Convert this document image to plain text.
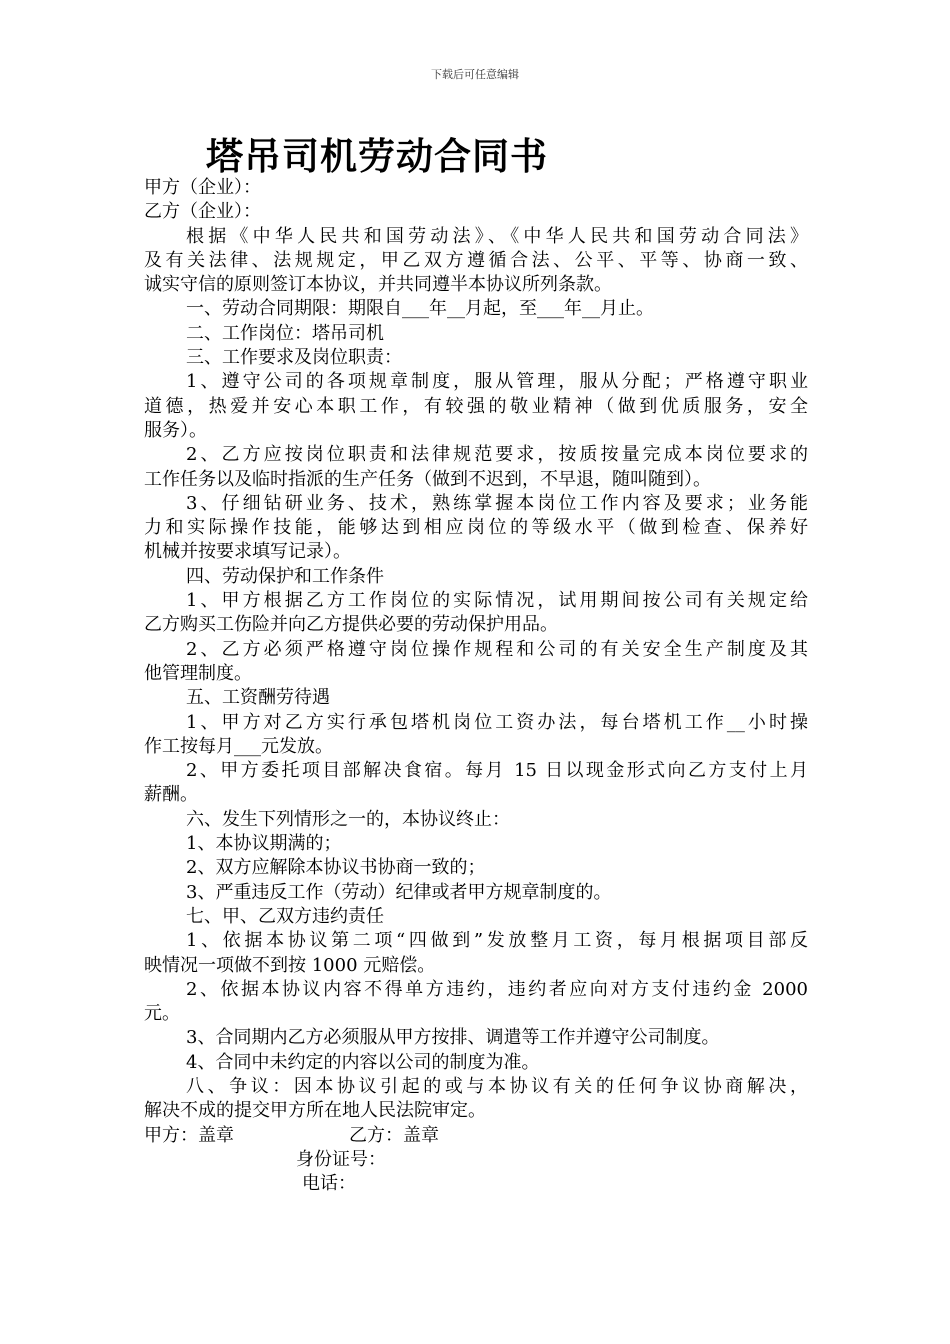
下载后可任意编辑
塔吊司机劳动合同书

甲方（企业）：

乙方（企业）：

根据《中华人民共和国劳动法》、《中华人民共和国劳动合同法》

及有关法律、法规规定，甲乙双方遵循合法、公平、平等、协商一致、

诚实守信的原则签订本协议，并共同遵半本协议所列条款。

一、劳动合同期限：期限自___年__月起，至___年__月止。

二、工作岗位：塔吊司机

三、工作要求及岗位职责：

1、遵守公司的各项规章制度，服从管理，服从分配；严格遵守职业

道德，热爱并安心本职工作，有较强的敬业精神（做到优质服务，安全

服务）。

2、乙方应按岗位职责和法律规范要求，按质按量完成本岗位要求的

工作任务以及临时指派的生产任务（做到不迟到，不早退，随叫随到）。

3、仔细钻研业务、技术，熟练掌握本岗位工作内容及要求；业务能

力和实际操作技能，能够达到相应岗位的等级水平（做到检查、保养好

机械并按要求填写记录）。

四、劳动保护和工作条件

1、甲方根据乙方工作岗位的实际情况，试用期间按公司有关规定给

乙方购买工伤险并向乙方提供必要的劳动保护用品。

2、乙方必须严格遵守岗位操作规程和公司的有关安全生产制度及其

他管理制度。

五、工资酬劳待遇

1、甲方对乙方实行承包塔机岗位工资办法，每台塔机工作__小时操

作工按每月___元发放。

2、甲方委托项目部解决食宿。每月 15 日以现金形式向乙方支付上月

薪酬。

六、发生下列情形之一的，本协议终止：

1、本协议期满的；

2、双方应解除本协议书协商一致的；

3、严重违反工作（劳动）纪律或者甲方规章制度的。

七、甲、乙双方违约责任

1、依据本协议第二项“四做到”发放整月工资，每月根据项目部反

映情况一项做不到按 1000 元赔偿。

2、依据本协议内容不得单方违约，违约者应向对方支付违约金 2000

元。

3、合同期内乙方必须服从甲方按排、调遣等工作并遵守公司制度。

4、合同中未约定的内容以公司的制度为准。

八、争议：因本协议引起的或与本协议有关的任何争议协商解决，

解决不成的提交甲方所在地人民法院审定。

甲方：盖章	乙方：盖章

身份证号：

电话：
